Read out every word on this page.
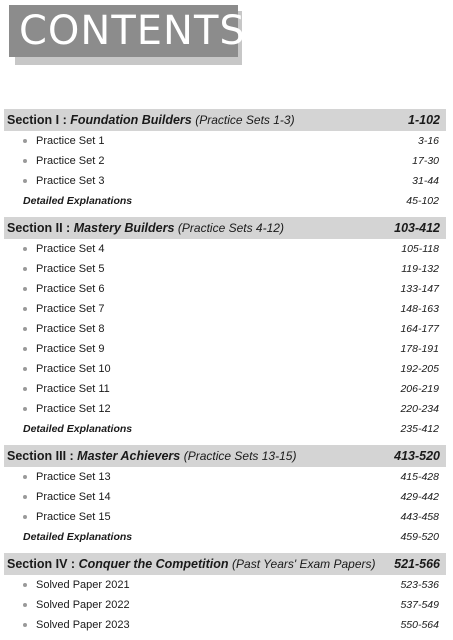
CONTENTS
Section I : Foundation Builders (Practice Sets 1-3)	1-102
Practice Set 1	3-16
Practice Set 2	17-30
Practice Set 3	31-44
Detailed Explanations	45-102
Section II : Mastery Builders (Practice Sets 4-12)	103-412
Practice Set 4	105-118
Practice Set 5	119-132
Practice Set 6	133-147
Practice Set 7	148-163
Practice Set 8	164-177
Practice Set 9	178-191
Practice Set 10	192-205
Practice Set 11	206-219
Practice Set 12	220-234
Detailed Explanations	235-412
Section III : Master Achievers (Practice Sets 13-15)	413-520
Practice Set 13	415-428
Practice Set 14	429-442
Practice Set 15	443-458
Detailed Explanations	459-520
Section IV : Conquer the Competition (Past Years' Exam Papers) 521-566
Solved Paper 2021	523-536
Solved Paper 2022	537-549
Solved Paper 2023	550-564
